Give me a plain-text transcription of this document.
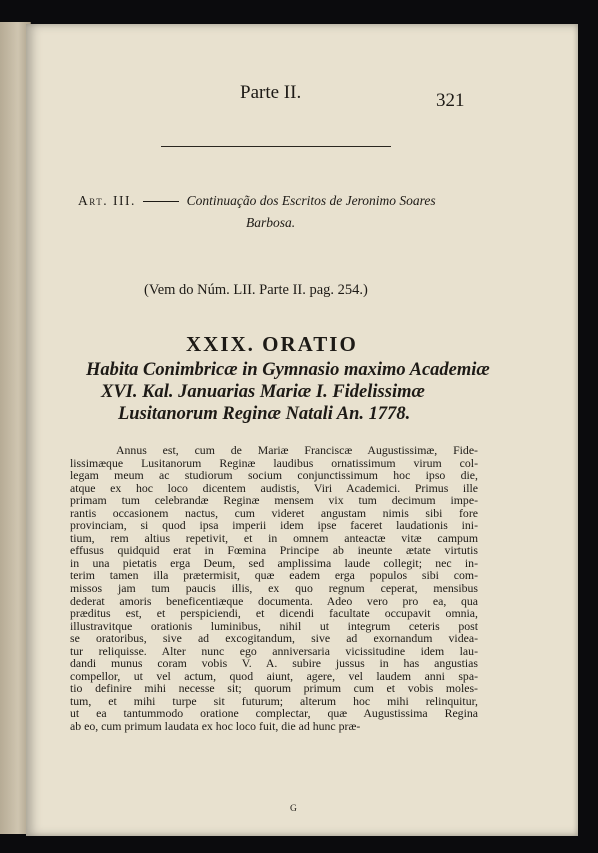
Parte II.	321
Art. III.	Continuação dos Escritos de Jeronimo Soares
Barbosa.
(Vem do Núm. LII. Parte II. pag. 254.)
XXIX. ORATIO
Habita Conimbricæ in Gymnasio maximo Academiæ
XVI. Kal. Januarias Mariæ I. Fidelissimæ
Lusitanorum Reginæ Natali An. 1778.
Annus est, cum de Mariæ Franciscæ Augustissimæ, Fide-
lissimæque Lusitanorum Reginæ laudibus ornatissimum virum col-
legam meum ac studiorum socium conjunctissimum hoc ipso die,
atque ex hoc loco dicentem audistis, Viri Academici. Primus ille
primam tum celebrandæ Reginæ mensem vix tum decimum impe-
rantis occasionem nactus, cum videret angustam nimis sibi fore
provinciam, si quod ipsa imperii idem ipse faceret laudationis ini-
tium, rem altius repetivit, et in omnem anteactæ vitæ campum
effusus quidquid erat in Fœmina Principe ab ineunte ætate virtutis
in una pietatis erga Deum, sed amplissima laude collegit; nec in-
terim tamen illa prætermisit, quæ eadem erga populos sibi com-
missos jam tum paucis illis, ex quo regnum ceperat, mensibus
dederat amoris beneficentiæque documenta. Adeo vero pro ea, qua
præditus est, et perspiciendi, et dicendi facultate occupavit omnia,
illustravitque orationis luminibus, nihil ut integrum ceteris post
se oratoribus, sive ad excogitandum, sive ad exornandum videa-
tur reliquisse. Alter nunc ego anniversaria vicissitudine idem lau-
dandi munus coram vobis V. A. subire jussus in has angustias
compellor, ut vel actum, quod aiunt, agere, vel laudem anni spa-
tio definire mihi necesse sit; quorum primum cum et vobis moles-
tum, et mihi turpe sit futurum; alterum hoc mihi relinquitur,
ut ea tantummodo oratione complectar, quæ Augustissima Regina
ab eo, cum primum laudata ex hoc loco fuit, die ad hunc præ-
G
